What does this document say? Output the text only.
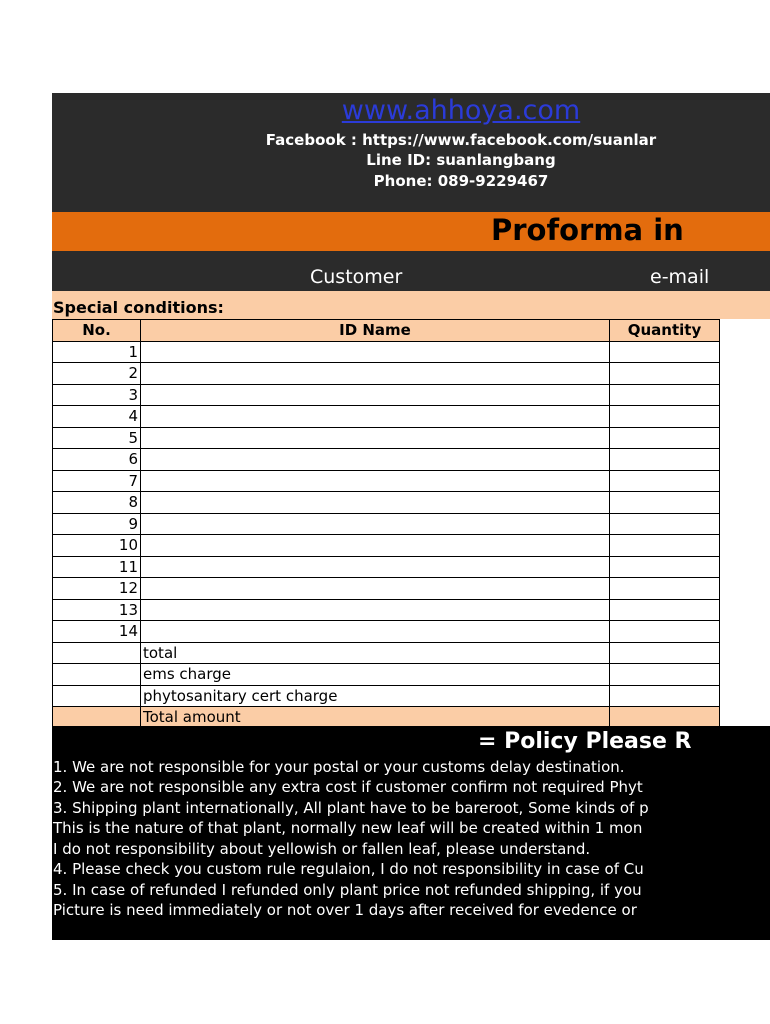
www.ahhoya.com
Facebook : https://www.facebook.com/suanlar
Line ID: suanlangbang
Phone: 089-9229467
Proforma in
Customer	e-mail
Special conditions:
No.	ID Name	Quantity
1		
2		
3		
4		
5		
6		
7		
8		
9		
10		
11		
12		
13		
14		
	total	
	ems charge	
	phytosanitary cert charge	
	Total amount	
= Policy Please R
1. We are not responsible for your postal or your customs delay destination.
2. We are not responsible any extra cost if customer confirm not required Phyt
3. Shipping plant internationally, All plant have to be bareroot, Some kinds of p
This is the nature of that plant, normally new leaf will be created within 1 mon
I do not responsibility about yellowish or fallen leaf, please understand.
4. Please check you custom rule regulaion, I do not responsibility in case of Cu
5. In case of refunded I refunded only plant price not refunded shipping, if you
Picture is need immediately or not over 1 days after received for evedence or
